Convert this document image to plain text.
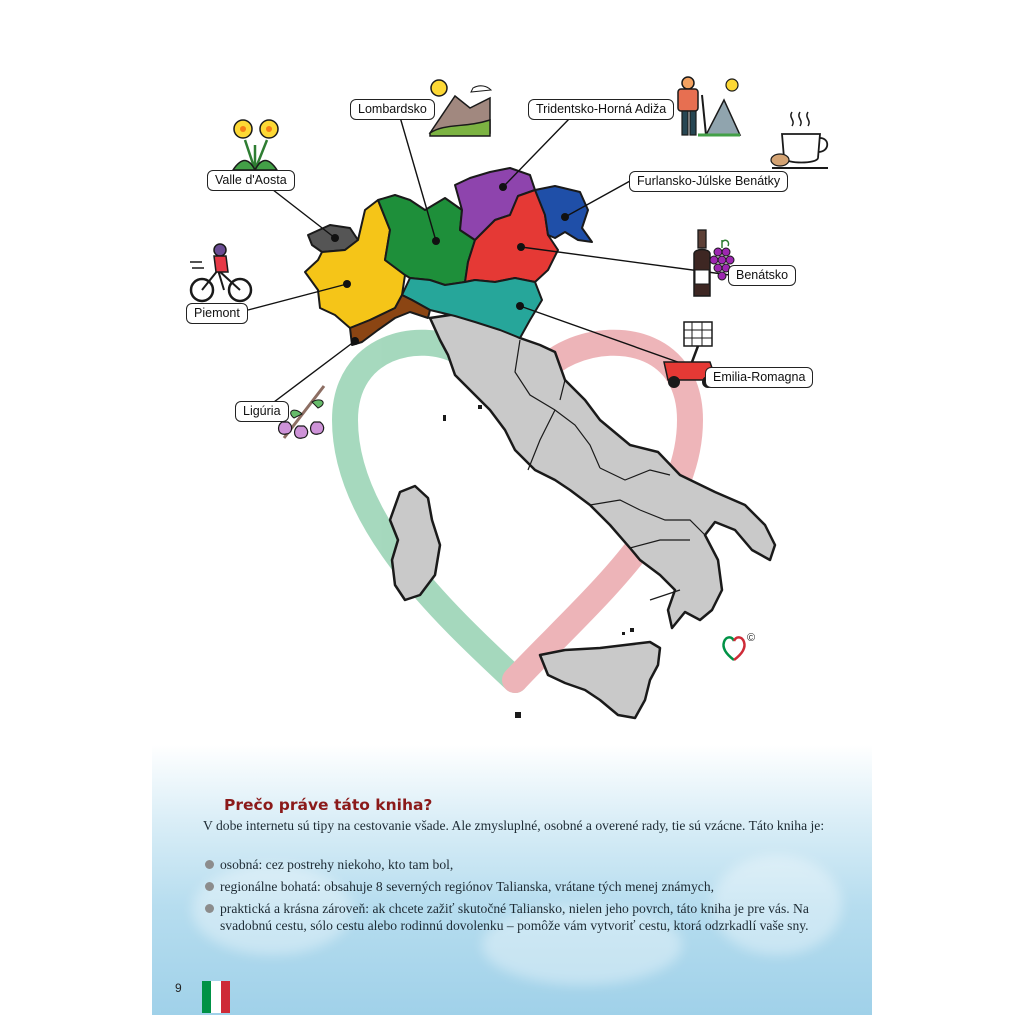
©
Valle d'Aosta
Lombardsko	Tridentsko-Horná Adiža
Furlansko-Júlske Benátky
Benátsko
Piemont
Emilia-Romagna
Ligúria
Prečo práve táto kniha?
V dobe internetu sú tipy na cestovanie všade. Ale zmysluplné, osobné a overené rady, tie sú vzácne. Táto kniha je:
osobná: cez postrehy niekoho, kto tam bol,
regionálne bohatá: obsahuje 8 severných regiónov Talianska, vrátane tých menej známych,
praktická a krásna zároveň: ak chcete zažiť skutočné Taliansko, nielen jeho povrch, táto kniha je pre vás. Na svadobnú cestu, sólo cestu alebo rodinnú dovolenku – pomôže vám vytvoriť cestu, ktorá odzrkadlí vaše sny.
9
